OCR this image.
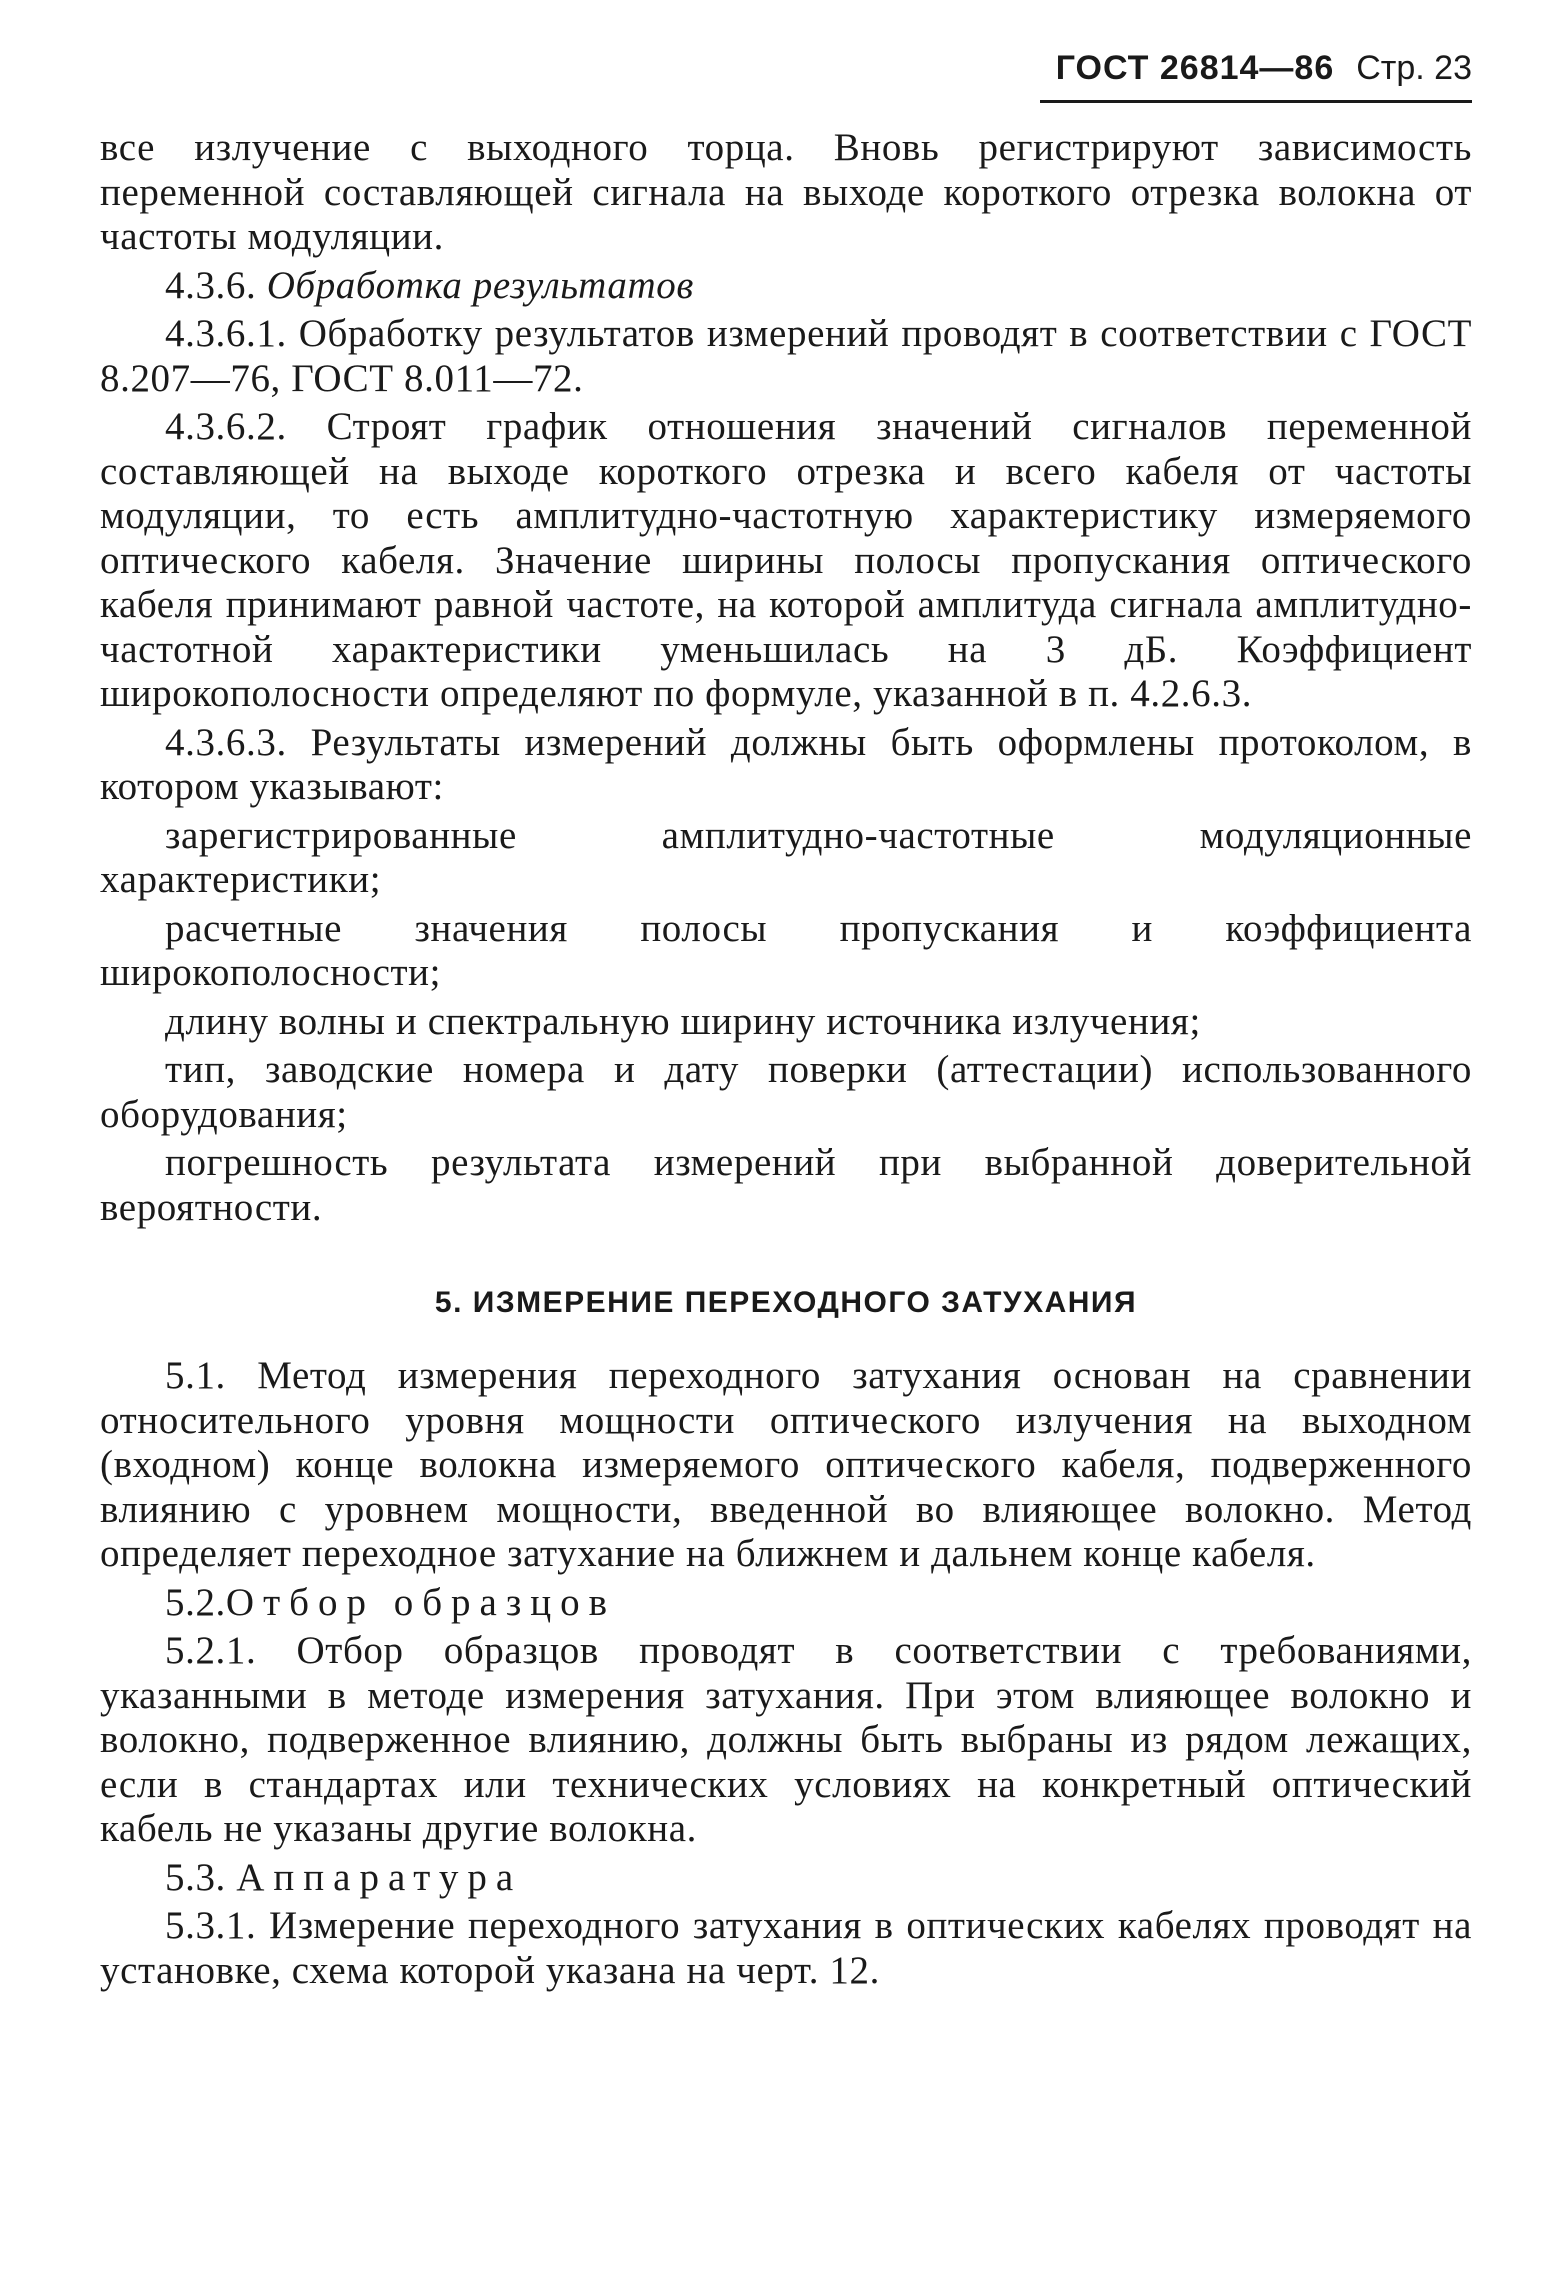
ГОСТ 26814—86 Стр. 23

все излучение с выходного торца. Вновь регистрируют зависимость переменной составляющей сигнала на выходе короткого отрезка волокна от частоты модуляции.

4.3.6. Обработка результатов

4.3.6.1. Обработку результатов измерений проводят в соответствии с ГОСТ 8.207—76, ГОСТ 8.011—72.

4.3.6.2. Строят график отношения значений сигналов переменной составляющей на выходе короткого отрезка и всего кабеля от частоты модуляции, то есть амплитудно-частотную характеристику измеряемого оптического кабеля. Значение ширины полосы пропускания оптического кабеля принимают равной частоте, на которой амплитуда сигнала амплитудно-частотной характеристики уменьшилась на 3 дБ. Коэффициент широкополосности определяют по формуле, указанной в п. 4.2.6.3.

4.3.6.3. Результаты измерений должны быть оформлены протоколом, в котором указывают:

зарегистрированные амплитудно-частотные модуляционные характеристики;

расчетные значения полосы пропускания и коэффициента широкополосности;

длину волны и спектральную ширину источника излучения;

тип, заводские номера и дату поверки (аттестации) использованного оборудования;

погрешность результата измерений при выбранной доверительной вероятности.

5. ИЗМЕРЕНИЕ ПЕРЕХОДНОГО ЗАТУХАНИЯ

5.1. Метод измерения переходного затухания основан на сравнении относительного уровня мощности оптического излучения на выходном (входном) конце волокна измеряемого оптического кабеля, подверженного влиянию с уровнем мощности, введенной во влияющее волокно. Метод определяет переходное затухание на ближнем и дальнем конце кабеля.

5.2.Отбор образцов

5.2.1. Отбор образцов проводят в соответствии с требованиями, указанными в методе измерения затухания. При этом влияющее волокно и волокно, подверженное влиянию, должны быть выбраны из рядом лежащих, если в стандартах или технических условиях на конкретный оптический кабель не указаны другие волокна.

5.3. Аппаратура

5.3.1. Измерение переходного затухания в оптических кабелях проводят на установке, схема которой указана на черт. 12.
